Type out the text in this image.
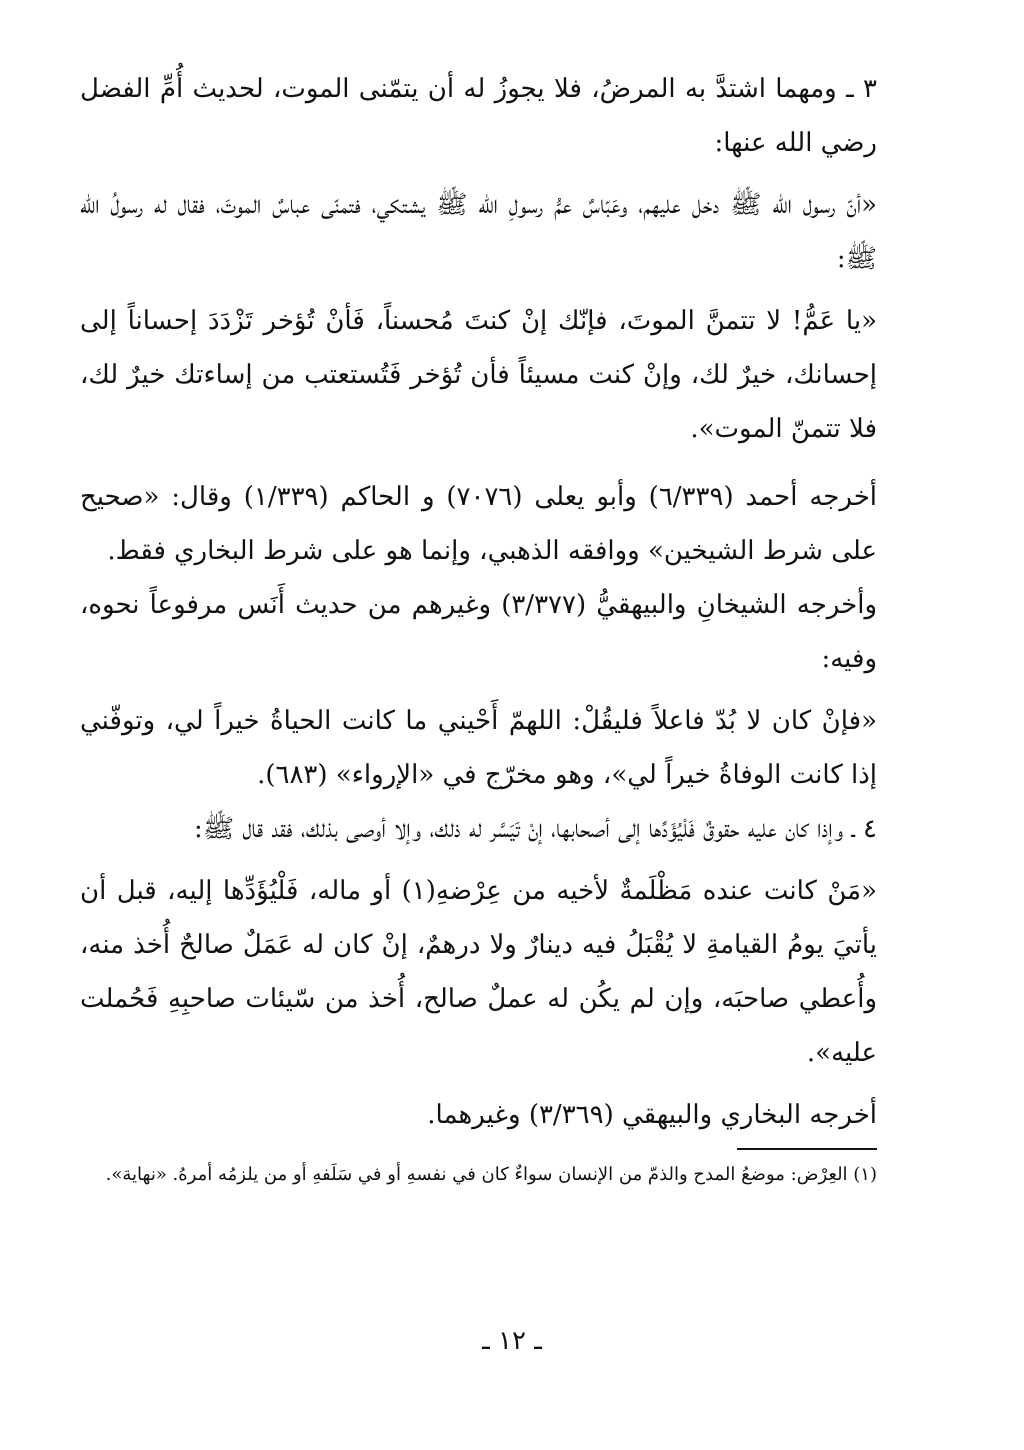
٣ ـ ومهما اشتدَّ به المرضُ، فلا يجوزُ له أن يتمّنى الموت، لحديث أُمِّ الفضل رضي الله عنها:

«أنّ رسول الله ﷺ دخل عليهم، وعَبّاسٌ عمُّ رسولِ الله ﷺ يشتكي، فتمنّى عباسٌ الموتَ، فقال له رسولُ الله ﷺ:

«يا عَمُّ! لا تتمنَّ الموتَ، فإنّك إنْ كنتَ مُحسناً، فَأنْ تُؤخر تَزْدَدَ إحساناً إلى إحسانك، خيرٌ لك، وإنْ كنت مسيئاً فأن تُؤخر فَتُستعتب من إساءتك خيرٌ لك، فلا تتمنّ الموت».

أخرجه أحمد (٦/٣٣٩) وأبو يعلى (٧٠٧٦) و الحاكم (١/٣٣٩) وقال: «صحيح على شرط الشيخين» ووافقه الذهبي، وإنما هو على شرط البخاري فقط.

وأخرجه الشيخانِ والبيهقيُّ (٣/٣٧٧) وغيرهم من حديث أَنَس مرفوعاً نحوه، وفيه:

«فإنْ كان لا بُدّ فاعلاً فليقُلْ: اللهمّ أَحْيني ما كانت الحياةُ خيراً لي، وتوفّني إذا كانت الوفاةُ خيراً لي»، وهو مخرّج في «الإرواء» (٦٨٣).

٤ ـ وإذا كان عليه حقوقٌ فَلْيُؤَدِّها إلى أصحابها، إنْ تَيَسَّر له ذلك، وإلا أوصى بذلك، فقد قال ﷺ:

«مَنْ كانت عنده مَظْلَمةٌ لأخيه من عِرْضهِ(١) أو ماله، فَلْيُؤَدِّها إليه، قبل أن يأتيَ يومُ القيامةِ لا يُقْبَلُ فيه دينارٌ ولا درهمٌ، إنْ كان له عَمَلٌ صالحٌ أُخذ منه، وأُعطي صاحبَه، وإن لم يكُن له عملٌ صالح، أُخذ من سّيئات صاحبِهِ فَحُملت عليه».

أخرجه البخاري والبيهقي (٣/٣٦٩) وغيرهما.

(١) العِرْض: موضعُ المدح والذمّ من الإنسان سواءٌ كان في نفسهِ أو في سَلَفهِ أو من يلزمُه أمرهُ. «نهاية».

ـ ١٢ ـ
